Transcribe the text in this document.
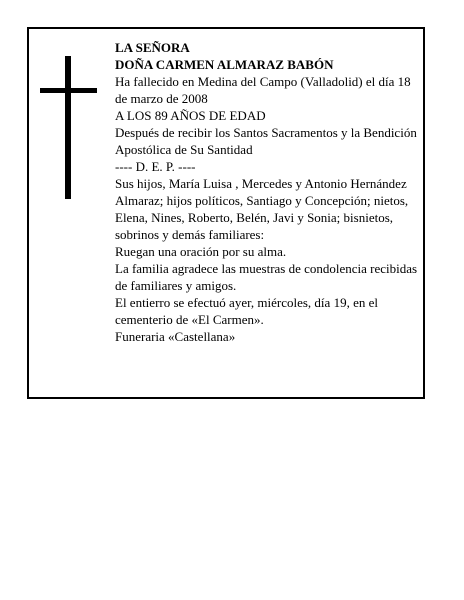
LA SEÑORA

DOÑA CARMEN ALMARAZ BABÓN

Ha fallecido en Medina del Campo (Valladolid) el día 18 de marzo de 2008

A LOS 89 AÑOS DE EDAD

Después de recibir los Santos Sacramentos y la Bendición Apostólica de Su Santidad

---- D. E. P. ----

Sus hijos, María Luisa , Mercedes y Antonio Hernández Almaraz; hijos políticos, Santiago y Concepción; nietos, Elena, Nines, Roberto, Belén, Javi y Sonia; bisnietos, sobrinos y demás familiares:

Ruegan una oración por su alma.

La familia agradece las muestras de condolencia recibidas de familiares y amigos.

El entierro se efectuó ayer, miércoles, día 19, en el cementerio de «El Carmen».

Funeraria «Castellana»
